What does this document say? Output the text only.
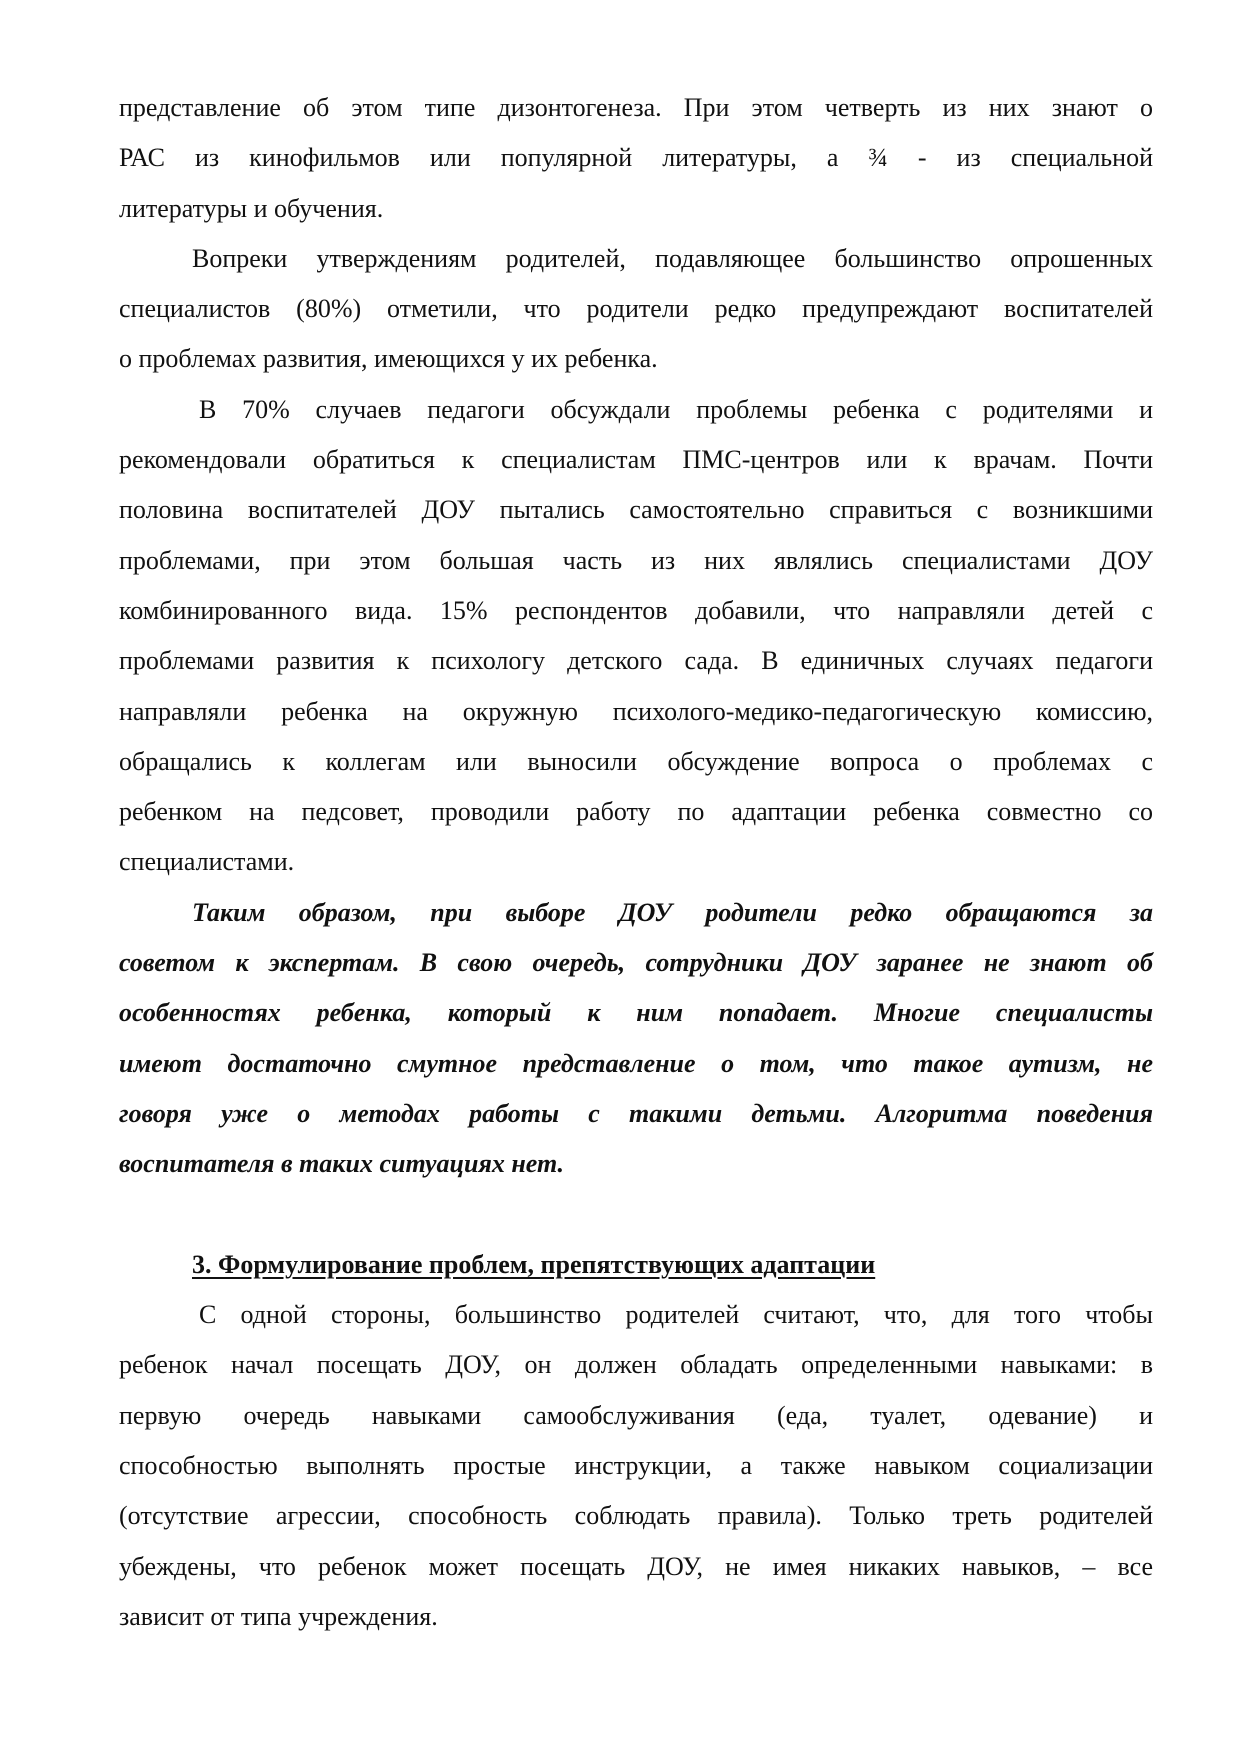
представление об этом типе дизонтогенеза. При этом четверть из них знают о
РАС из кинофильмов или популярной литературы, а ¾ - из специальной
литературы и обучения.
Вопреки утверждениям родителей, подавляющее большинство опрошенных
специалистов (80%) отметили, что родители редко предупреждают воспитателей
о проблемах развития, имеющихся у их ребенка.
В 70% случаев педагоги обсуждали проблемы ребенка с родителями и
рекомендовали обратиться к специалистам ПМС-центров или к врачам. Почти
половина воспитателей ДОУ пытались самостоятельно справиться с возникшими
проблемами, при этом большая часть из них являлись специалистами ДОУ
комбинированного вида. 15% респондентов добавили, что направляли детей с
проблемами развития к психологу детского сада. В единичных случаях педагоги
направляли ребенка на окружную психолого-медико-педагогическую комиссию,
обращались к коллегам или выносили обсуждение вопроса о проблемах с
ребенком на педсовет, проводили работу по адаптации ребенка совместно со
специалистами.
Таким образом, при выборе ДОУ родители редко обращаются за
советом к экспертам. В свою очередь, сотрудники ДОУ заранее не знают об
особенностях ребенка, который к ним попадает. Многие специалисты
имеют достаточно смутное представление о том, что такое аутизм, не
говоря уже о методах работы с такими детьми. Алгоритма поведения
воспитателя в таких ситуациях нет.
3. Формулирование проблем, препятствующих адаптации
С одной стороны, большинство родителей считают, что, для того чтобы
ребенок начал посещать ДОУ, он должен обладать определенными навыками: в
первую очередь навыками самообслуживания (еда, туалет, одевание) и
способностью выполнять простые инструкции, а также навыком социализации
(отсутствие агрессии, способность соблюдать правила). Только треть родителей
убеждены, что ребенок может посещать ДОУ, не имея никаких навыков, – все
зависит от типа учреждения.
